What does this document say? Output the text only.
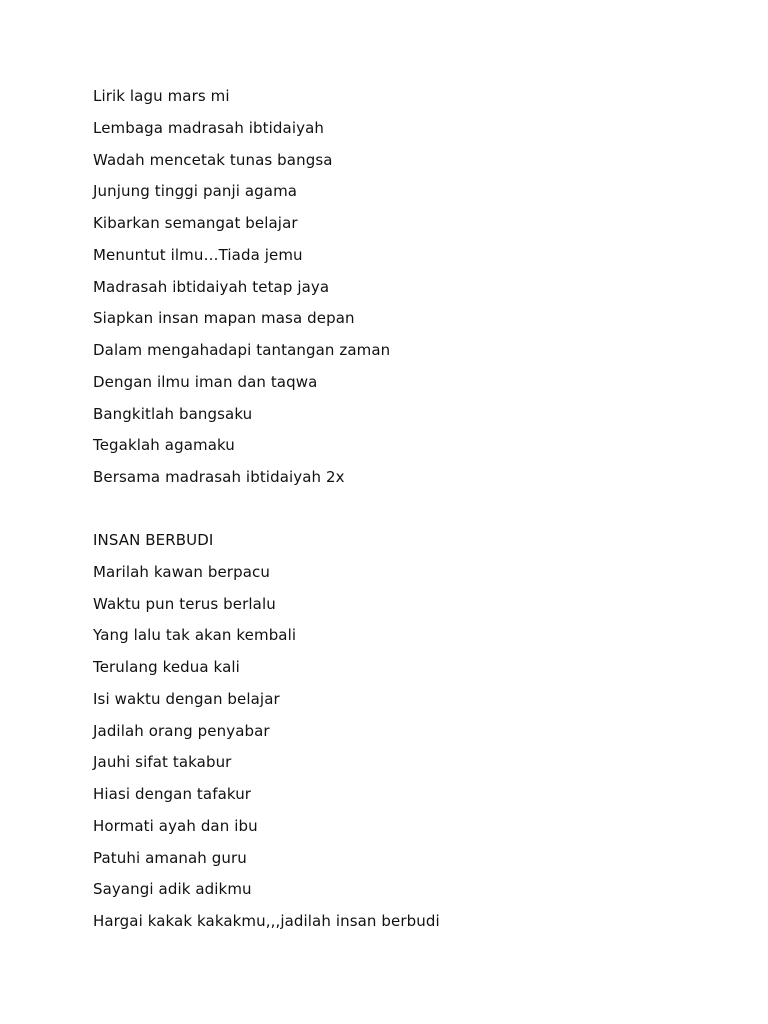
Lirik lagu mars mi
Lembaga madrasah ibtidaiyah
Wadah mencetak tunas bangsa
Junjung tinggi panji agama
Kibarkan semangat belajar
Menuntut ilmu…Tiada jemu
Madrasah ibtidaiyah tetap jaya
Siapkan insan mapan masa depan
Dalam mengahadapi tantangan zaman
Dengan ilmu iman dan taqwa
Bangkitlah bangsaku
Tegaklah agamaku
Bersama madrasah ibtidaiyah 2x
INSAN BERBUDI
Marilah kawan berpacu
Waktu pun terus berlalu
Yang lalu tak akan kembali
Terulang kedua kali
Isi waktu dengan belajar
Jadilah orang penyabar
Jauhi sifat takabur
Hiasi dengan tafakur
Hormati ayah dan ibu
Patuhi amanah guru
Sayangi adik adikmu
Hargai kakak kakakmu,,,jadilah insan berbudi
